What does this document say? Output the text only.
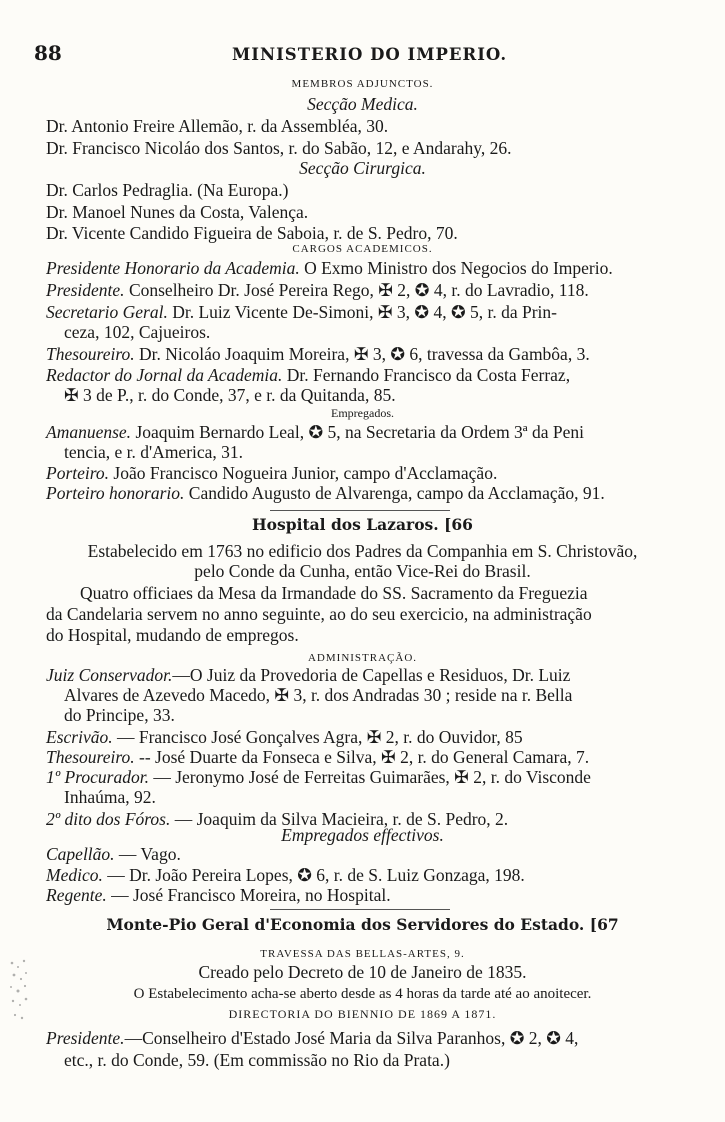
88	MINISTERIO DO IMPERIO.
MEMBROS ADJUNCTOS.
Secção Medica.
Dr. Antonio Freire Allemão, r. da Assembléa, 30.
Dr. Francisco Nicoláo dos Santos, r. do Sabão, 12, e Andarahy, 26.
Secção Cirurgica.
Dr. Carlos Pedraglia. (Na Europa.)
Dr. Manoel Nunes da Costa, Valença.
Dr. Vicente Candido Figueira de Saboia, r. de S. Pedro, 70.
CARGOS ACADEMICOS.
Presidente Honorario da Academia. O Exmo Ministro dos Negocios do Imperio.
Presidente. Conselheiro Dr. José Pereira Rego, ✠ 2, ✪ 4, r. do Lavradio, 118.
Secretario Geral. Dr. Luiz Vicente De-Simoni, ✠ 3, ✪ 4, ✪ 5, r. da Prin-
ceza, 102, Cajueiros.
Thesoureiro. Dr. Nicoláo Joaquim Moreira, ✠ 3, ✪ 6, travessa da Gambôa, 3.
Redactor do Jornal da Academia. Dr. Fernando Francisco da Costa Ferraz,
✠ 3 de P., r. do Conde, 37, e r. da Quitanda, 85.
Empregados.
Amanuense. Joaquim Bernardo Leal, ✪ 5, na Secretaria da Ordem 3ª da Peni
tencia, e r. d'America, 31.
Porteiro. João Francisco Nogueira Junior, campo d'Acclamação.
Porteiro honorario. Candido Augusto de Alvarenga, campo da Acclamação, 91.
Hospital dos Lazaros. [66
Estabelecido em 1763 no edificio dos Padres da Companhia em S. Christovão,
pelo Conde da Cunha, então Vice-Rei do Brasil.
Quatro officiaes da Mesa da Irmandade do SS. Sacramento da Freguezia
da Candelaria servem no anno seguinte, ao do seu exercicio, na administração
do Hospital, mudando de empregos.
ADMINISTRAÇÃO.
Juiz Conservador.—O Juiz da Provedoria de Capellas e Residuos, Dr. Luiz
Alvares de Azevedo Macedo, ✠ 3, r. dos Andradas 30 ; reside na r. Bella
do Principe, 33.
Escrivão. — Francisco José Gonçalves Agra, ✠ 2, r. do Ouvidor, 85
Thesoureiro. -- José Duarte da Fonseca e Silva, ✠ 2, r. do General Camara, 7.
1º Procurador. — Jeronymo José de Ferreitas Guimarães, ✠ 2, r. do Visconde
Inhaúma, 92.
2º dito dos Fóros. — Joaquim da Silva Macieira, r. de S. Pedro, 2.
Empregados effectivos.
Capellão. — Vago.
Medico. — Dr. João Pereira Lopes, ✪ 6, r. de S. Luiz Gonzaga, 198.
Regente. — José Francisco Moreira, no Hospital.
Monte-Pio Geral d'Economia dos Servidores do Estado. [67
TRAVESSA DAS BELLAS-ARTES, 9.
Creado pelo Decreto de 10 de Janeiro de 1835.
O Estabelecimento acha-se aberto desde as 4 horas da tarde até ao anoitecer.
DIRECTORIA DO BIENNIO DE 1869 A 1871.
Presidente.—Conselheiro d'Estado José Maria da Silva Paranhos, ✪ 2, ✪ 4,
etc., r. do Conde, 59. (Em commissão no Rio da Prata.)
